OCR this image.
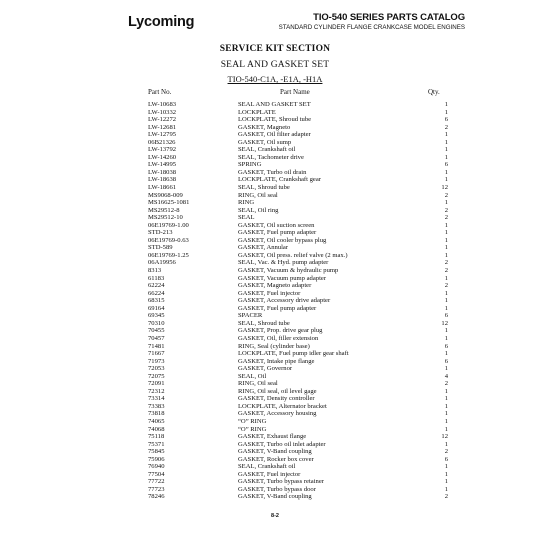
Lycoming	TIO-540 SERIES PARTS CATALOG
STANDARD CYLINDER FLANGE CRANKCASE MODEL ENGINES
SERVICE KIT SECTION
SEAL AND GASKET SET
TIO-540-C1A, -E1A, -H1A
Part No.	Part Name	Qty.
LW-10683	SEAL AND GASKET SET	1
LW-10332	LOCKPLATE	1
LW-12272	LOCKPLATE, Shroud tube	6
LW-12681	GASKET, Magneto	2
LW-12795	GASKET, Oil filter adapter	1
06B21326	GASKET, Oil sump	1
LW-13792	SEAL, Crankshaft oil	1
LW-14260	SEAL, Tachometer drive	1
LW-14995	SPRING	6
LW-18038	GASKET, Turbo oil drain	1
LW-18638	LOCKPLATE, Crankshaft gear	1
LW-18661	SEAL, Shroud tube	12
MS9068-009	RING, Oil seal	2
MS16625-1081	RING	1
MS29512-8	SEAL, Oil ring	2
MS29512-10	SEAL	2
06E19769-1.00	GASKET, Oil suction screen	1
STD-213	GASKET, Fuel pump adapter	1
06E19769-0.63	GASKET, Oil cooler bypass plug	1
STD-589	GASKET, Annular	1
06E19769-1.25	GASKET, Oil press. relief valve (2 max.)	1
06A19956	SEAL, Vac. & Hyd. pump adapter	2
8313	GASKET, Vacuum & hydraulic pump	2
61183	GASKET, Vacuum pump adapter	1
62224	GASKET, Magneto adapter	2
66224	GASKET, Fuel injector	1
68315	GASKET, Accessory drive adapter	1
69164	GASKET, Fuel pump adapter	1
69345	SPACER	6
70310	SEAL, Shroud tube	12
70455	GASKET, Prop. drive gear plug	1
70457	GASKET, Oil, filler extension	1
71481	RING, Seal (cylinder base)	6
71667	LOCKPLATE, Fuel pump idler gear shaft	1
71973	GASKET, Intake pipe flange	6
72053	GASKET, Governor	1
72075	SEAL, Oil	4
72091	RING, Oil seal	2
72312	RING, Oil seal, oil level gage	1
73314	GASKET, Density controller	1
73383	LOCKPLATE, Alternator bracket	1
73818	GASKET, Accessory housing	1
74065	“O” RING	1
74068	“O” RING	1
75118	GASKET, Exhaust flange	12
75371	GASKET, Turbo oil inlet adapter	1
75845	GASKET, V-Band coupling	2
75906	GASKET, Rocker box cover	6
76940	SEAL, Crankshaft oil	1
77504	GASKET, Fuel injector	1
77722	GASKET, Turbo bypass retainer	1
77723	GASKET, Turbo bypass door	1
78246	GASKET, V-Band coupling	2
8-2
